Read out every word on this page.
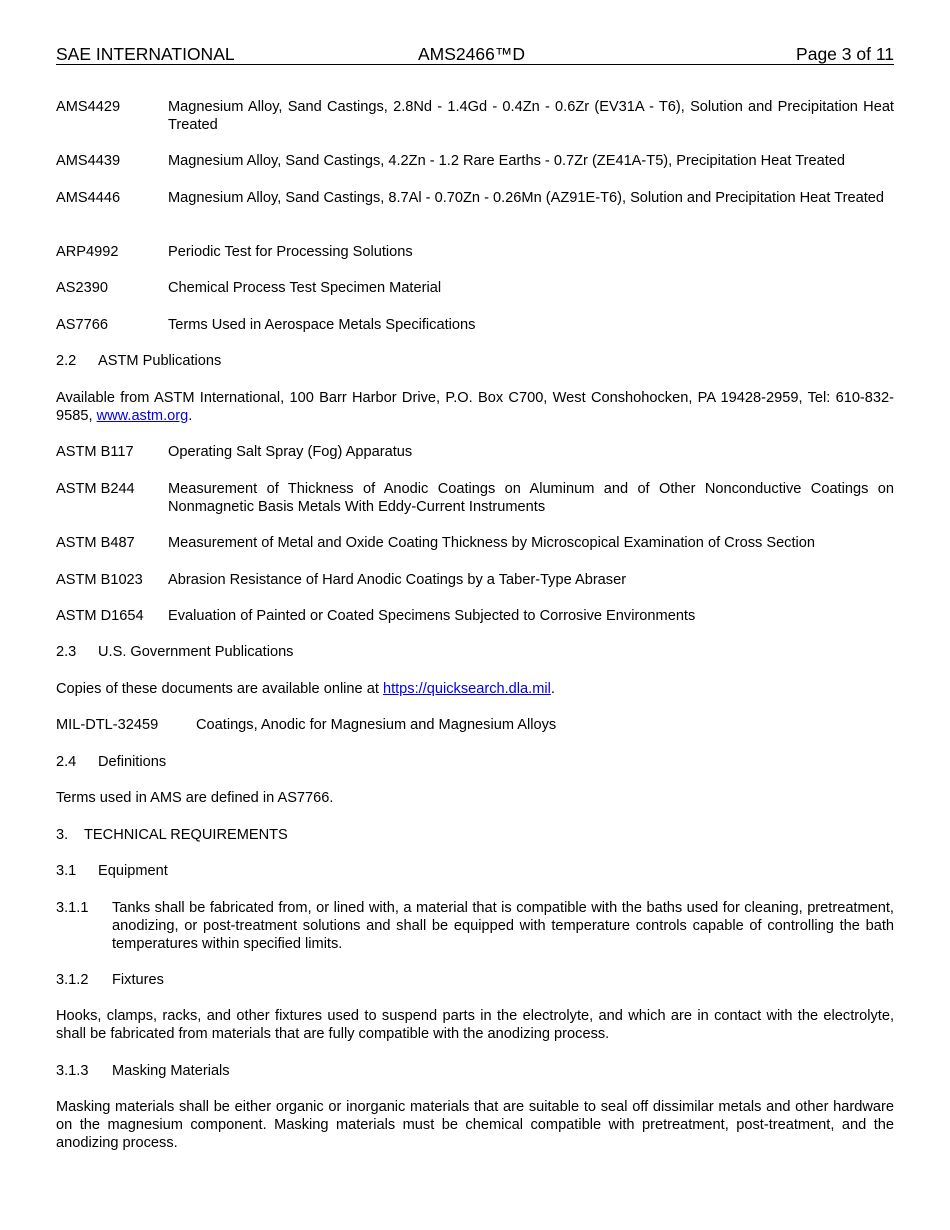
SAE INTERNATIONAL	AMS2466™D	Page 3 of 11
AMS4429	Magnesium Alloy, Sand Castings, 2.8Nd - 1.4Gd - 0.4Zn - 0.6Zr (EV31A - T6), Solution and Precipitation Heat Treated
AMS4439	Magnesium Alloy, Sand Castings, 4.2Zn - 1.2 Rare Earths - 0.7Zr (ZE41A-T5), Precipitation Heat Treated
AMS4446	Magnesium Alloy, Sand Castings, 8.7Al - 0.70Zn - 0.26Mn (AZ91E-T6), Solution and Precipitation Heat Treated
ARP4992	Periodic Test for Processing Solutions
AS2390	Chemical Process Test Specimen Material
AS7766	Terms Used in Aerospace Metals Specifications
2.2 ASTM Publications
Available from ASTM International, 100 Barr Harbor Drive, P.O. Box C700, West Conshohocken, PA 19428-2959, Tel: 610-832-9585, www.astm.org.
ASTM B117	Operating Salt Spray (Fog) Apparatus
ASTM B244	Measurement of Thickness of Anodic Coatings on Aluminum and of Other Nonconductive Coatings on Nonmagnetic Basis Metals With Eddy-Current Instruments
ASTM B487	Measurement of Metal and Oxide Coating Thickness by Microscopical Examination of Cross Section
ASTM B1023	Abrasion Resistance of Hard Anodic Coatings by a Taber-Type Abraser
ASTM D1654	Evaluation of Painted or Coated Specimens Subjected to Corrosive Environments
2.3 U.S. Government Publications
Copies of these documents are available online at https://quicksearch.dla.mil.
MIL-DTL-32459	Coatings, Anodic for Magnesium and Magnesium Alloys
2.4 Definitions
Terms used in AMS are defined in AS7766.
3. TECHNICAL REQUIREMENTS
3.1 Equipment
3.1.1	Tanks shall be fabricated from, or lined with, a material that is compatible with the baths used for cleaning, pretreatment, anodizing, or post-treatment solutions and shall be equipped with temperature controls capable of controlling the bath temperatures within specified limits.
3.1.2 Fixtures
Hooks, clamps, racks, and other fixtures used to suspend parts in the electrolyte, and which are in contact with the electrolyte, shall be fabricated from materials that are fully compatible with the anodizing process.
3.1.3 Masking Materials
Masking materials shall be either organic or inorganic materials that are suitable to seal off dissimilar metals and other hardware on the magnesium component. Masking materials must be chemical compatible with pretreatment, post-treatment, and the anodizing process.
